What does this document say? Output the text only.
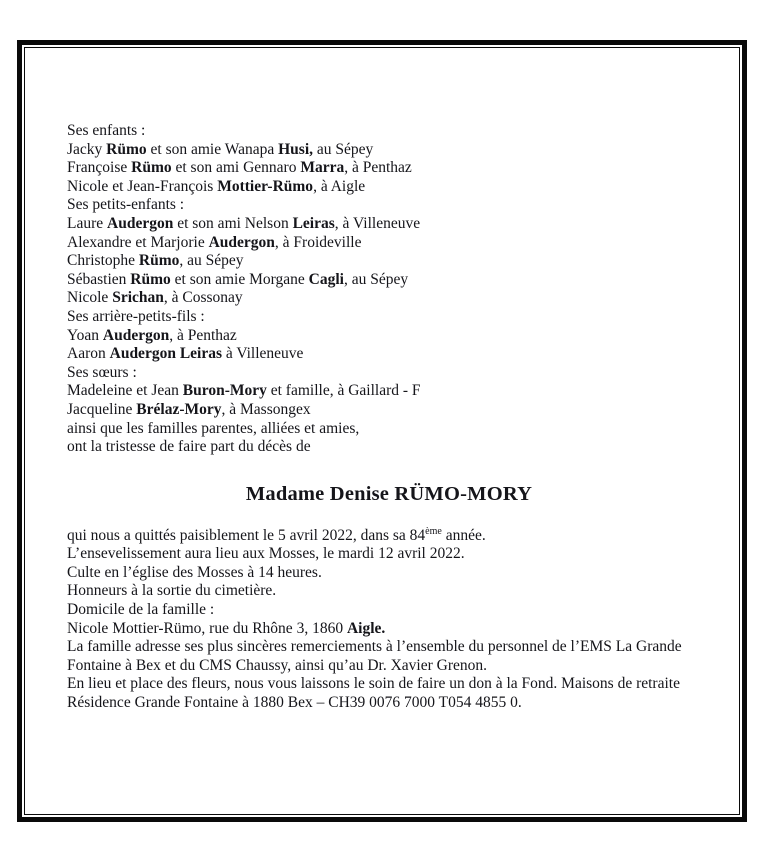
Ses enfants :
Jacky Rümo et son amie Wanapa Husi, au Sépey
Françoise Rümo et son ami Gennaro Marra, à Penthaz
Nicole et Jean-François Mottier-Rümo, à Aigle
Ses petits-enfants :
Laure Audergon et son ami Nelson Leiras, à Villeneuve
Alexandre et Marjorie Audergon, à Froideville
Christophe Rümo, au Sépey
Sébastien Rümo et son amie Morgane Cagli, au Sépey
Nicole Srichan, à Cossonay
Ses arrière-petits-fils :
Yoan Audergon, à Penthaz
Aaron Audergon Leiras à Villeneuve
Ses sœurs :
Madeleine et Jean Buron-Mory et famille, à Gaillard - F
Jacqueline Brélaz-Mory, à Massongex
ainsi que les familles parentes, alliées et amies,
ont la tristesse de faire part du décès de
Madame Denise RÜMO-MORY
qui nous a quittés paisiblement le 5 avril 2022, dans sa 84ème année.
L’ensevelissement aura lieu aux Mosses, le mardi 12 avril 2022.
Culte en l’église des Mosses à 14 heures.
Honneurs à la sortie du cimetière.
Domicile de la famille :
Nicole Mottier-Rümo, rue du Rhône 3, 1860 Aigle.
La famille adresse ses plus sincères remerciements à l’ensemble du personnel de l’EMS La Grande Fontaine à Bex et du CMS Chaussy, ainsi qu’au Dr. Xavier Grenon.
En lieu et place des fleurs, nous vous laissons le soin de faire un don à la Fond. Maisons de retraite Résidence Grande Fontaine à 1880 Bex – CH39 0076 7000 T054 4855 0.
